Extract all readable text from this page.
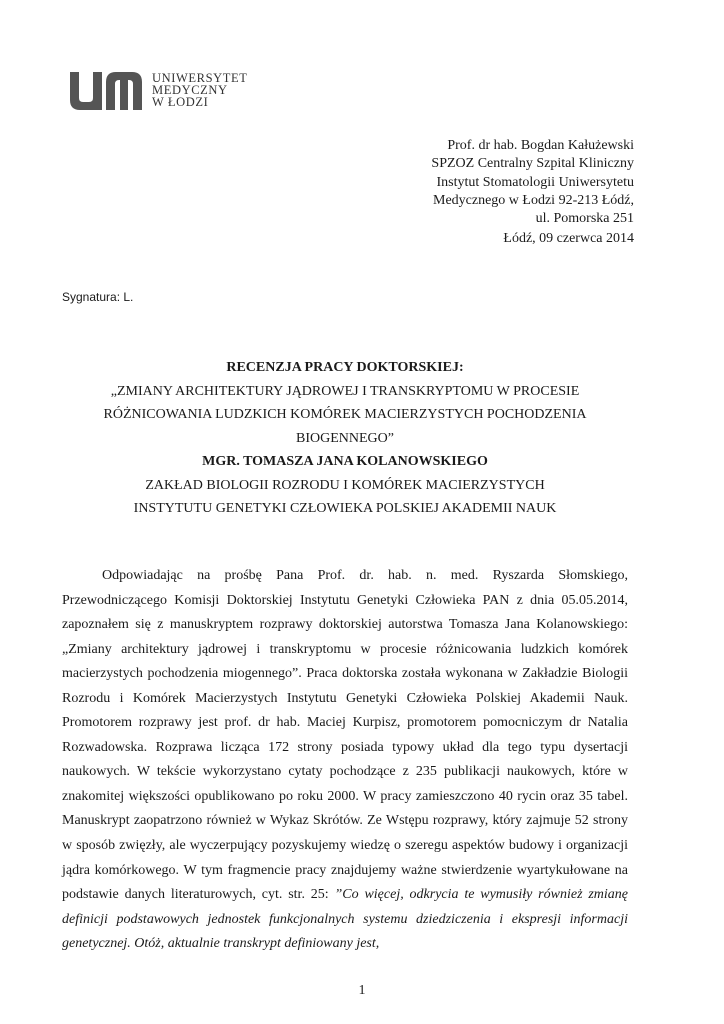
UNIWERSYTET
MEDYCZNY
W ŁODZI
Prof. dr hab. Bogdan Kałużewski
SPZOZ Centralny Szpital Kliniczny
Instytut Stomatologii Uniwersytetu
Medycznego w Łodzi 92-213 Łódź,
ul. Pomorska 251
Łódź, 09 czerwca 2014
Sygnatura: L.
RECENZJA PRACY DOKTORSKIEJ:
„ZMIANY ARCHITEKTURY JĄDROWEJ I TRANSKRYPTOMU W PROCESIE
RÓŻNICOWANIA LUDZKICH KOMÓREK MACIERZYSTYCH POCHODZENIA
BIOGENNEGO”
MGR. TOMASZA JANA KOLANOWSKIEGO
ZAKŁAD BIOLOGII ROZRODU I KOMÓREK MACIERZYSTYCH
INSTYTUTU GENETYKI CZŁOWIEKA POLSKIEJ AKADEMII NAUK

Odpowiadając na prośbę Pana Prof. dr. hab. n. med. Ryszarda Słomskiego, Przewodniczącego Komisji Doktorskiej Instytutu Genetyki Człowieka PAN z dnia 05.05.2014, zapoznałem się z manuskryptem rozprawy doktorskiej autorstwa Tomasza Jana Kolanowskiego: „Zmiany architektury jądrowej i transkryptomu w procesie różnicowania ludzkich komórek macierzystych pochodzenia miogennego”. Praca doktorska została wykonana w Zakładzie Biologii Rozrodu i Komórek Macierzystych Instytutu Genetyki Człowieka Polskiej Akademii Nauk. Promotorem rozprawy jest prof. dr hab. Maciej Kurpisz, promotorem pomocniczym dr Natalia Rozwadowska. Rozprawa licząca 172 strony posiada typowy układ dla tego typu dysertacji naukowych. W tekście wykorzystano cytaty pochodzące z 235 publikacji naukowych, które w znakomitej większości opublikowano po roku 2000. W pracy zamieszczono 40 rycin oraz 35 tabel. Manuskrypt zaopatrzono również w Wykaz Skrótów. Ze Wstępu rozprawy, który zajmuje 52 strony w sposób zwięzły, ale wyczerpujący pozyskujemy wiedzę o szeregu aspektów budowy i organizacji jądra komórkowego. W tym fragmencie pracy znajdujemy ważne stwierdzenie wyartykułowane na podstawie danych literaturowych, cyt. str. 25: ”Co więcej, odkrycia te wymusiły również zmianę definicji podstawowych jednostek funkcjonalnych systemu dziedziczenia i ekspresji informacji genetycznej. Otóż, aktualnie transkrypt definiowany jest,

1
